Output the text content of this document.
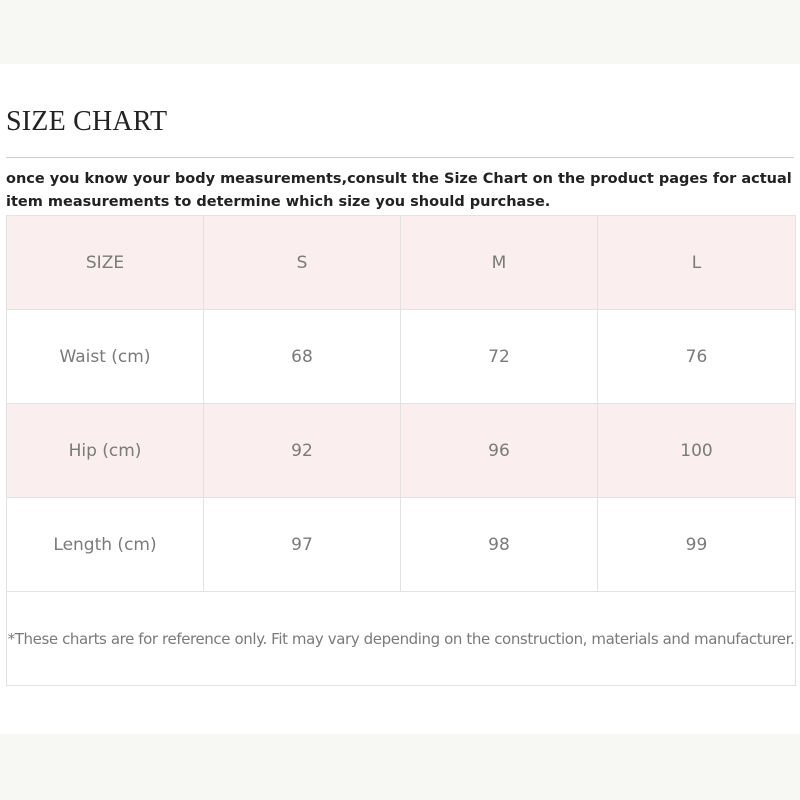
SIZE CHART
once you know your body measurements,consult the Size Chart on the product pages for actual item measurements to determine which size you should purchase.
SIZE	S	M	L
Waist (cm)	68	72	76
Hip (cm)	92	96	100
Length (cm)	97	98	99
*These charts are for reference only. Fit may vary depending on the construction, materials and manufacturer.			
